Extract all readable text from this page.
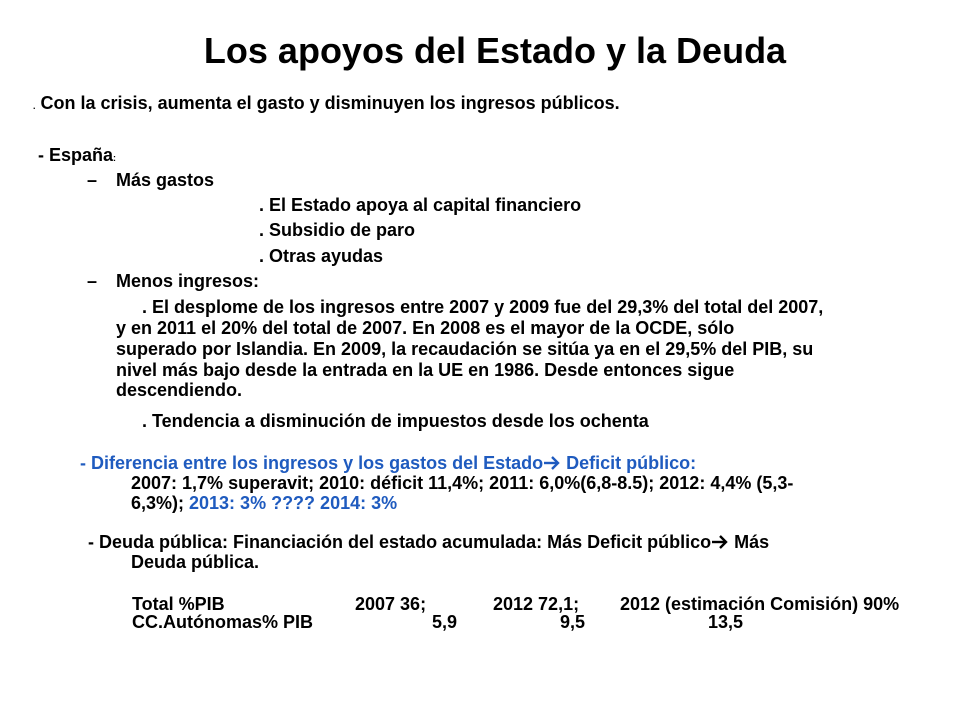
Los apoyos del Estado y la Deuda
. Con la crisis, aumenta el gasto y disminuyen los ingresos públicos.
- España:
– Más gastos
. El Estado apoya al capital financiero
. Subsidio de paro
. Otras ayudas
– Menos ingresos:
. El desplome de los ingresos entre 2007 y 2009 fue del 29,3% del total del 2007,
y en 2011 el 20% del total de 2007. En 2008 es el mayor de la OCDE, sólo
superado por Islandia. En 2009, la recaudación se sitúa ya en el 29,5% del PIB, su
nivel más bajo desde la entrada en la UE en 1986. Desde entonces sigue
descendiendo.
. Tendencia a disminución de impuestos desde los ochenta
- Diferencia entre los ingresos y los gastos del Estado Deficit público:
2007: 1,7% superavit; 2010: déficit 11,4%; 2011: 6,0%(6,8-8.5); 2012: 4,4% (5,3-
6,3%); 2013: 3% ???? 2014: 3%
- Deuda pública: Financiación del estado acumulada: Más Deficit público Más
Deuda pública.
Total %PIB	2007 36;	2012 72,1; 2012 (estimación Comisión) 90%
CC.Autónomas% PIB	5,9	9,5	13,5
